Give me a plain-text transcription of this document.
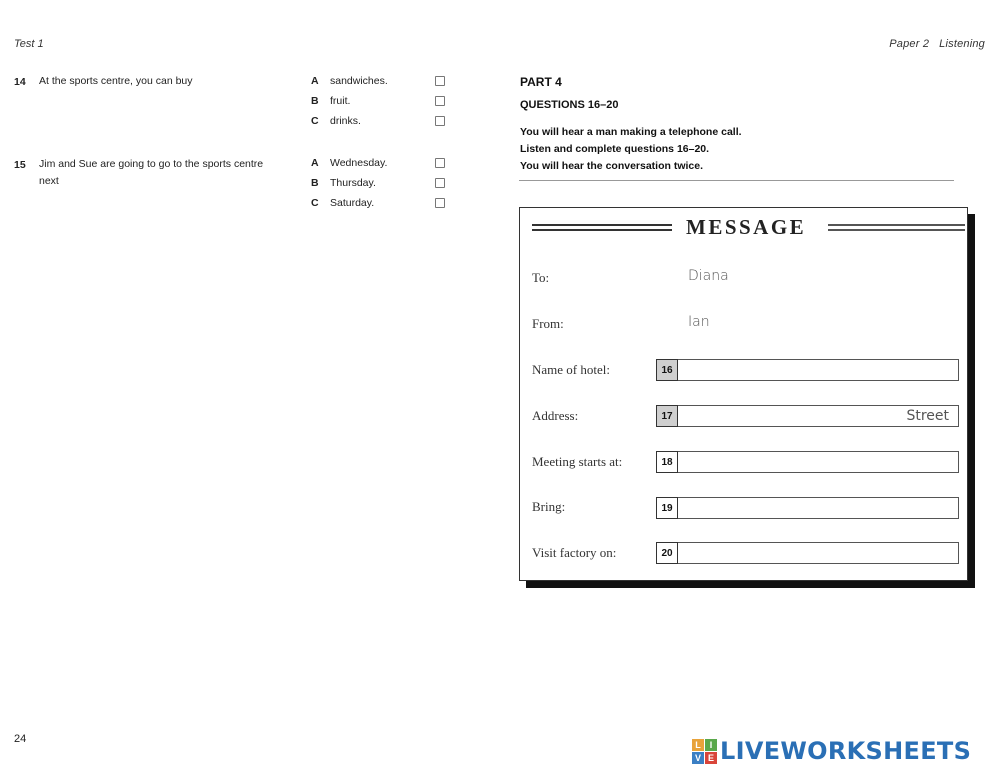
Test 1	Paper 2 Listening
14 At the sports centre, you can buy	A	sandwiches.
B	fruit.
C	drinks.
15 Jim and Sue are going to go to the sports centre
next
A	Wednesday.
B	Thursday.
C	Saturday.
PART 4
QUESTIONS 16–20
You will hear a man making a telephone call.
Listen and complete questions 16–20.
You will hear the conversation twice.
MESSAGE
To:	Diana
From:	Ian
Name of hotel:	16
Address:	17	Street
Meeting starts at:	18
Bring:	19
Visit factory on:	20
24	L I
V E LIVEWORKSHEETS
